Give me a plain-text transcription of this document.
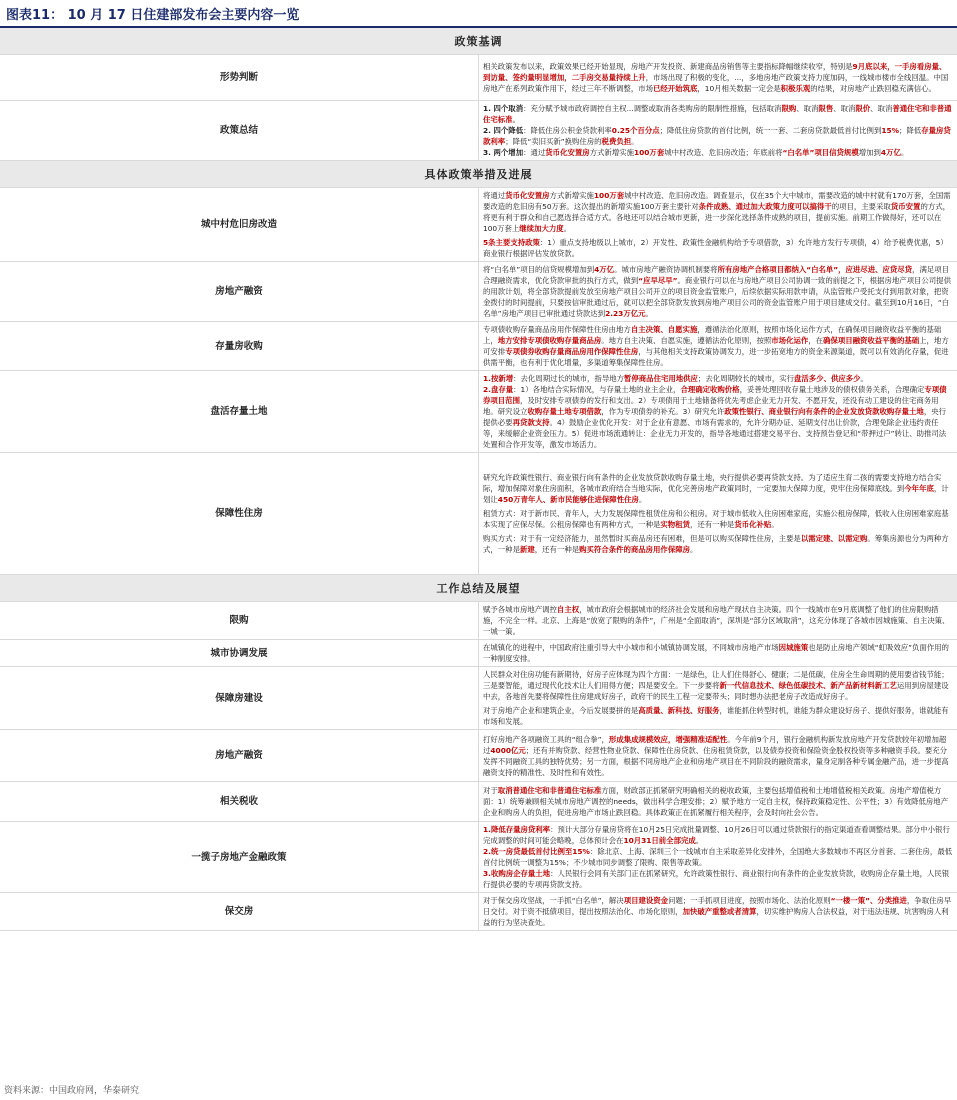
图表11： 10 月 17 日住建部发布会主要内容一览
政策基调	
形势判断	相关政策发布以来，政策效果已经开始显现，房地产开发投资、新建商品房销售等主要指标降幅继续收窄，特别是9月底以来，一手房看房量、到访量、签约量明显增加，二手房交易量持续上升，市场出现了积极的变化，...，多地房地产政策支持力度加码，一线城市楼市全线回温。中国房地产在系列政策作用下，经过三年不断调整，市场已经开始筑底，10月相关数据一定会是积极乐观的结果，对房地产止跌回稳充满信心。

政策总结	1. 四个取消：充分赋予城市政府调控自主权...调整或取消各类购房的限制性措施，包括取消限购、取消限售、取消限价、取消普通住宅和非普通住宅标准。

2. 四个降低：降低住房公积金贷款利率0.25个百分点；降低住房贷款的首付比例，统一一套、二套房贷款最低首付比例到15%；降低存量房贷款利率；降低“卖旧买新”换购住房的税费负担。

3. 两个增加：通过货币化安置房方式新增实施100万套城中村改造、危旧房改造；年底前将“白名单”项目信贷规模增加到4万亿。

具体政策举措及进展	
城中村危旧房改造	将通过货币化安置房方式新增实施100万套城中村改造、危旧房改造。调查显示，仅在35个大中城市，需要改造的城中村就有170万套，全国需要改造的危旧房有50万套。这次提出的新增实施100万套主要针对条件成熟、通过加大政策力度可以搞得干的项目，主要采取货币安置的方式，将更有利于群众和自己愿选择合适方式。各地还可以结合城市更新，进一步深化选择条件成熟的项目，提前实施。前期工作做得好，还可以在100万套上继续加大力度。

5条主要支持政策：1）重点支持地级以上城市，2）开发性、政策性金融机构给予专项借款，3）允许地方发行专项债，4）给予税费优惠，5）商业银行根据评估发放贷款。

房地产融资	将“白名单”项目的信贷规模增加到4万亿。城市房地产融资协调机制要将所有房地产合格项目都纳入“白名单”，应进尽进、应贷尽贷，满足项目合理融资需求，优化贷款审批的执行方式，做到“应早尽早”。商业银行可以在与房地产项目公司协调一致的前提之下，根据房地产项目公司提供的用款计划，将全部贷款提前发放至房地产项目公司开立的项目资金监管账户，后续依据实际用款申请，从监管账户受托支付到用款对象，把资金拨付的时间提前，只要按信审批通过后，就可以把全部贷款发放到房地产项目公司的资金监管账户用于项目建成交付。截至到10月16日，“白名单”房地产项目已审批通过贷款达到2.23万亿元。

存量房收购	专项债收购存量商品房用作保障性住房由地方自主决策、自愿实施，遵循法治化原则，按照市场化运作方式，在确保项目融资收益平衡的基础上，地方安排专项债收购存量商品房。地方自主决策、自愿实施，遵循法治化原则，按照市场化运作，在确保项目融资收益平衡的基础上，地方可安排专项债券收购存量商品房用作保障性住房，与其他相关支持政策协调发力，进一步拓宽地方的资金来源渠道，既可以有效消化存量，促进供需平衡，也有利于优化增量，多渠道筹集保障性住房。

盘活存量土地	1.按新增：去化周期过长的城市，指导地方暂停商品住宅用地供应；去化周期较长的城市，实行盘活多少、供应多少。

2.盘存量：1）各地结合实际情况，与存量土地的业主企业，合理确定收购价格，妥善处理回收存量土地涉及的债权债务关系，合理确定专项债券项目范围，及时安排专项债券的发行和支出。2）专项债用于土地储备将优先考虑企业无力开发、不愿开发，还没有动工建设的住宅商务用地。研究设立收购存量土地专项借款，作为专项债券的补充。3）研究允许政策性银行、商业银行向有条件的企业发放贷款收购存量土地，央行提供必要再贷款支持。4）鼓励企业优化开发：对于企业有意愿、市场有需求的，允许分期办证、延期支付出让价款，合理免除企业违约责任等，来缓解企业资金压力。5）促进市场流通转让：企业无力开发的，指导各地通过搭建交易平台、支持预告登记和“带押过户”转让、助推司法处置和合作开发等，激发市场活力。

保障性住房	研究允许政策性银行、商业银行向有条件的企业发放贷款收购存量土地，央行提供必要再贷款支持。为了适应生育二孩的需要支持地方结合实际，增加保障对象住房面积，各城市政府结合当地实际，优化完善房地产政策同时，一定要加大保障力度，兜牢住房保障底线。到今年年底，计划让450万青年人、新市民能够住进保障性住房。

租赁方式：对于新市民、青年人，大力发展保障性租赁住房和公租房。对于城市低收入住房困难家庭，实施公租房保障，低收入住房困难家庭基本实现了应保尽保。公租房保障也有两种方式，一种是实物租赁，还有一种是货币化补贴。

购买方式：对于有一定经济能力，虽然暂时买商品房还有困难，但是可以购买保障性住房，主要是以需定建、以需定购。筹集房源也分为两种方式，一种是新建，还有一种是购买符合条件的商品房用作保障房。

工作总结及展望	
限购	赋予各城市房地产调控自主权，城市政府会根据城市的经济社会发展和房地产现状自主决策。四个一线城市在9月底调整了他们的住房限购措施，不完全一样。北京、上海是“放宽了限购的条件”，广州是“全面取消”，深圳是“部分区域取消”，这充分体现了各城市因城施策、自主决策、一城一策。

城市协调发展	在城镇化的进程中，中国政府注重引导大中小城市和小城镇协调发展，不同城市房地产市场因城施策也是防止房地产领域“虹吸效应”负面作用的一种制度安排。

保障房建设	人民群众对住房功能有新期待，好房子应体现为四个方面：一是绿色，让人们住得舒心、健康；二是低碳，住房全生命周期的使用要省钱节能；三是要智能，通过现代化技术让人们用得方便；四是要安全。下一步要将新一代信息技术、绿色低碳技术、新产品新材料新工艺运用到房屋建设中去，各地首先要将保障性住房建成好房子，政府干的民生工程一定要带头；同时想办法把老房子改造成好房子。

对于房地产企业和建筑企业，今后发展要拼的是高质量、新科技、好服务，谁能抓住转型时机，谁能为群众建设好房子、提供好服务，谁就能有市场和发展。

房地产融资	打好房地产各项融资工具的“组合拳”，形成集成规模效应，增强精准适配性。今年前9个月，银行金融机构新发放房地产开发贷款较年初增加超过4000亿元；还有并购贷款、经营性物业贷款、保障性住房贷款、住房租赁贷款，以及债券投资和保险资金股权投资等多种融资手段。要充分发挥不同融资工具的独特优势；另一方面，根据不同房地产企业和房地产项目在不同阶段的融资需求，量身定制各种专属金融产品，进一步提高融资支持的精准性、及时性和有效性。

相关税收	对于取消普通住宅和非普通住宅标准方面，财政部正抓紧研究明确相关的税收政策，主要包括增值税和土地增值税相关政策。房地产增值税方面：1）统筹兼顾相关城市房地产调控的needs，做出科学合理安排；2）赋予地方一定自主权，保持政策稳定性、公平性；3）有效降低房地产企业和购房人的负担，促进房地产市场止跌回稳。具体政策正在抓紧履行相关程序，会及时向社会公告。

一揽子房地产金融政策	1.降低存量房贷利率：预计大部分存量房贷将在10月25日完成批量调整、10月26日可以通过贷款银行的指定渠道查看调整结果。部分中小银行完成调整的时间可能会略晚，总体预计会在10月31日前全部完成。

2.统一房贷最低首付比例至15%：除北京、上海、深圳三个一线城市自主采取差异化安排外，全国绝大多数城市不再区分首套、二套住房，最低首付比例统一调整为15%；不少城市同步调整了限购、限售等政策。

3.收购房企存量土地：人民银行会同有关部门正在抓紧研究，允许政策性银行、商业银行向有条件的企业发放贷款，收购房企存量土地，人民银行提供必要的专项再贷款支持。

保交房	对于保交房攻坚战，一手抓“白名单”，解决项目建设资金问题；一手抓项目进度，按照市场化、法治化原则“一楼一策”、分类推进，争取住房早日交付。对于资不抵债项目，提出按照法治化、市场化原则，加快破产重整或者清算，切实维护购房人合法权益，对于违法违规、坑害购房人利益的行为坚决查处。

资料来源：中国政府网，华泰研究
